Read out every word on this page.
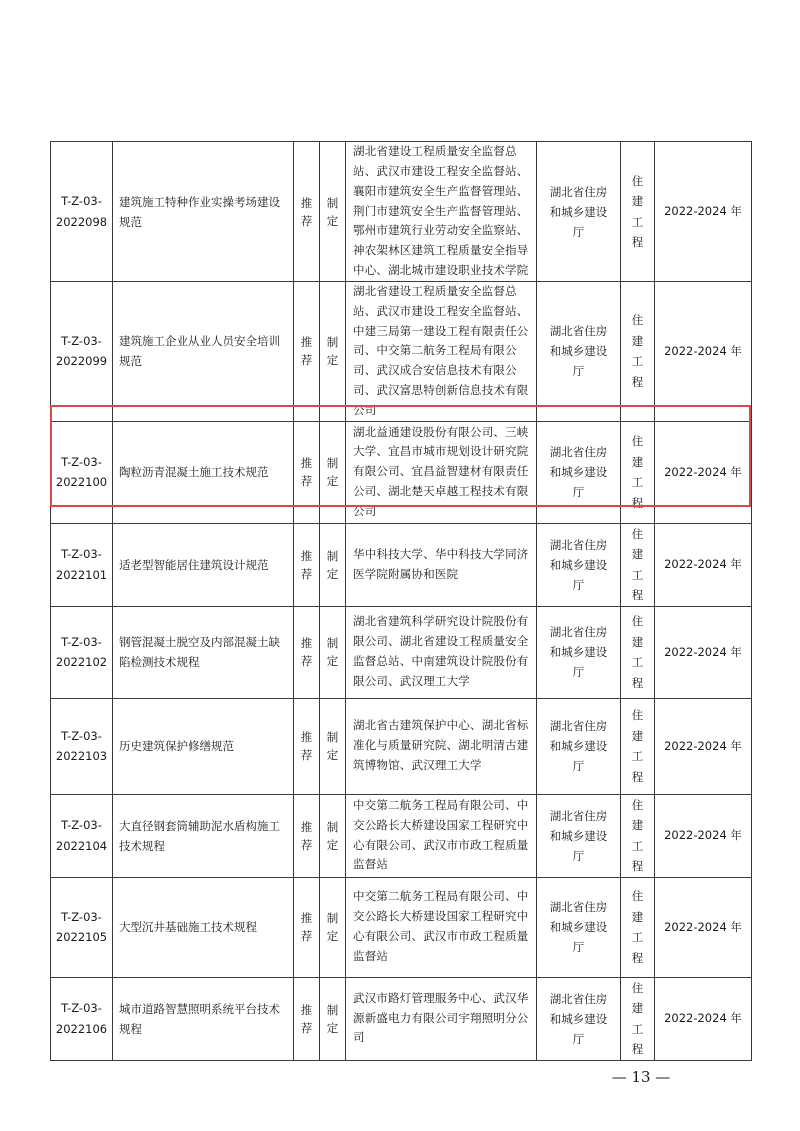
T-Z-03-2022098	建筑施工特种作业实操考场建设规范	推荐	制定	湖北省建设工程质量安全监督总站、武汉市建设工程安全监督站、襄阳市建筑安全生产监督管理站、荆门市建筑安全生产监督管理站、鄂州市建筑行业劳动安全监察站、神农架林区建筑工程质量安全指导中心、湖北城市建设职业技术学院	湖北省住房和城乡建设厅	住建工程	2022-2024 年
T-Z-03-2022099	建筑施工企业从业人员安全培训规范	推荐	制定	湖北省建设工程质量安全监督总站、武汉市建设工程安全监督站、中建三局第一建设工程有限责任公司、中交第二航务工程局有限公司、武汉成合安信息技术有限公司、武汉富思特创新信息技术有限公司	湖北省住房和城乡建设厅	住建工程	2022-2024 年
T-Z-03-2022100	陶粒沥青混凝土施工技术规范	推荐	制定	湖北益通建设股份有限公司、三峡大学、宜昌市城市规划设计研究院有限公司、宜昌益智建材有限责任公司、湖北楚天卓越工程技术有限公司	湖北省住房和城乡建设厅	住建工程	2022-2024 年
T-Z-03-2022101	适老型智能居住建筑设计规范	推荐	制定	华中科技大学、华中科技大学同济医学院附属协和医院	湖北省住房和城乡建设厅	住建工程	2022-2024 年
T-Z-03-2022102	钢管混凝土脱空及内部混凝土缺陷检测技术规程	推荐	制定	湖北省建筑科学研究设计院股份有限公司、湖北省建设工程质量安全监督总站、中南建筑设计院股份有限公司、武汉理工大学	湖北省住房和城乡建设厅	住建工程	2022-2024 年
T-Z-03-2022103	历史建筑保护修缮规范	推荐	制定	湖北省古建筑保护中心、湖北省标准化与质量研究院、湖北明清古建筑博物馆、武汉理工大学	湖北省住房和城乡建设厅	住建工程	2022-2024 年
T-Z-03-2022104	大直径钢套筒辅助泥水盾构施工技术规程	推荐	制定	中交第二航务工程局有限公司、中交公路长大桥建设国家工程研究中心有限公司、武汉市市政工程质量监督站	湖北省住房和城乡建设厅	住建工程	2022-2024 年
T-Z-03-2022105	大型沉井基础施工技术规程	推荐	制定	中交第二航务工程局有限公司、中交公路长大桥建设国家工程研究中心有限公司、武汉市市政工程质量监督站	湖北省住房和城乡建设厅	住建工程	2022-2024 年
T-Z-03-2022106	城市道路智慧照明系统平台技术规程	推荐	制定	武汉市路灯管理服务中心、武汉华源新盛电力有限公司宇翔照明分公司	湖北省住房和城乡建设厅	住建工程	2022-2024 年
— 13 —
